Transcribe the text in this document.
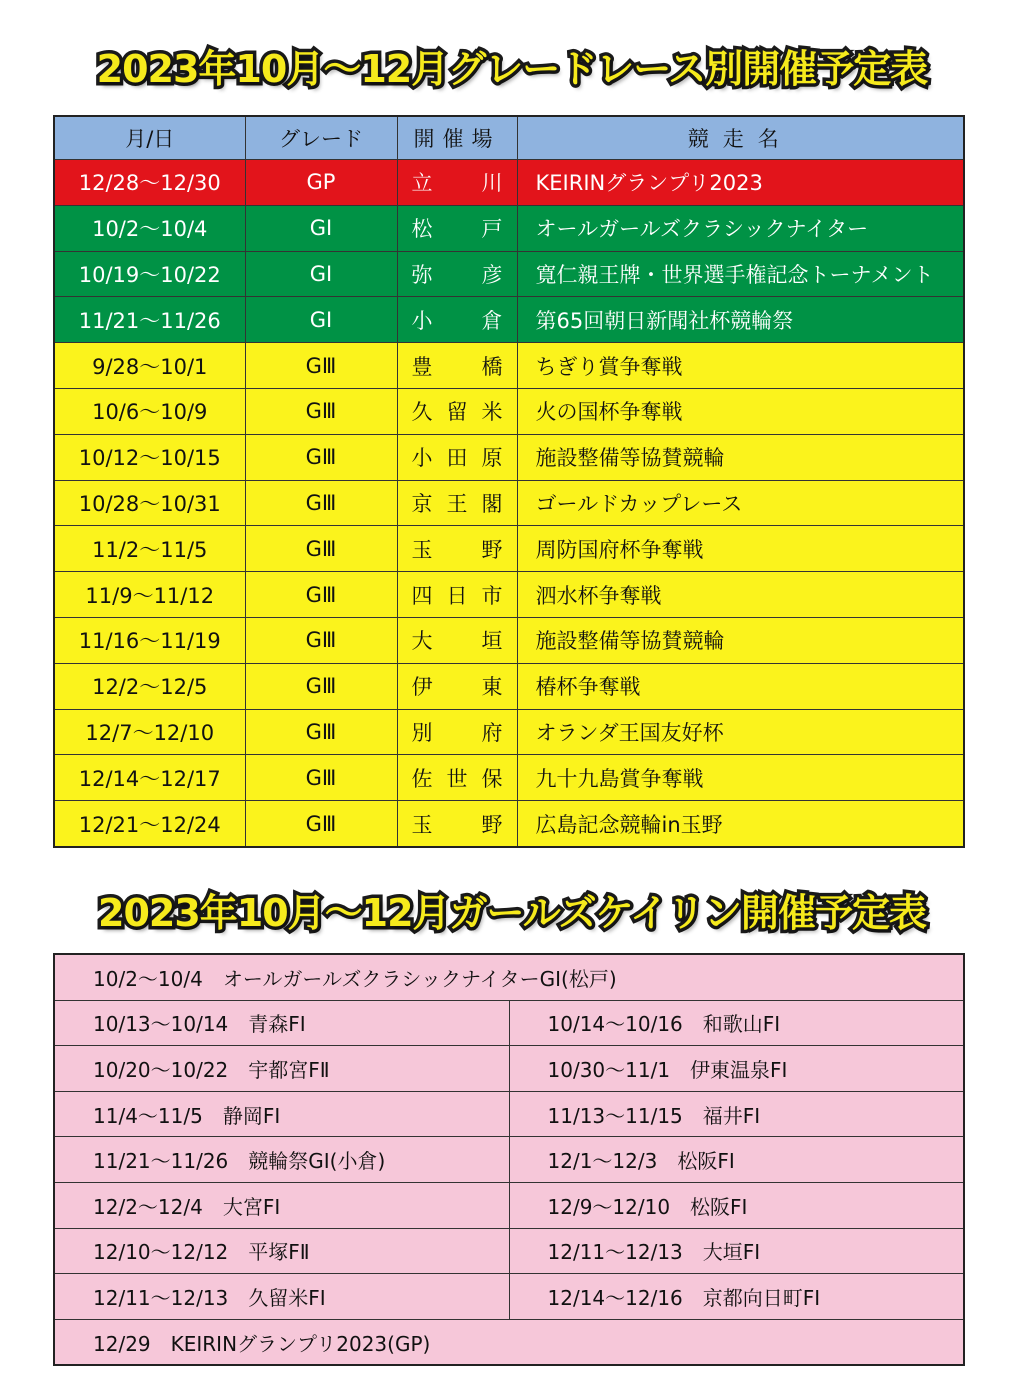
2023年10月～12月グレードレース別開催予定表
月/日	グレード	開催場	競走名
12/28～12/30	GP	立 川	KEIRINグランプリ2023
10/2～10/4	GⅠ	松 戸	オールガールズクラシックナイター
10/19～10/22	GⅠ	弥 彦	寛仁親王牌・世界選手権記念トーナメント
11/21～11/26	GⅠ	小 倉	第65回朝日新聞社杯競輪祭
9/28～10/1	GⅢ	豊 橋	ちぎり賞争奪戦
10/6～10/9	GⅢ	久 留 米	火の国杯争奪戦
10/12～10/15	GⅢ	小 田 原	施設整備等協賛競輪
10/28～10/31	GⅢ	京 王 閣	ゴールドカップレース
11/2～11/5	GⅢ	玉 野	周防国府杯争奪戦
11/9～11/12	GⅢ	四 日 市	泗水杯争奪戦
11/16～11/19	GⅢ	大 垣	施設整備等協賛競輪
12/2～12/5	GⅢ	伊 東	椿杯争奪戦
12/7～12/10	GⅢ	別 府	オランダ王国友好杯
12/14～12/17	GⅢ	佐 世 保	九十九島賞争奪戦
12/21～12/24	GⅢ	玉 野	広島記念競輪in玉野
2023年10月～12月ガールズケイリン開催予定表
10/2～10/4　オールガールズクラシックナイターGⅠ(松戸)	
10/13～10/14　青森FⅠ	10/14～10/16　和歌山FⅠ
10/20～10/22　宇都宮FⅡ	10/30～11/1　伊東温泉FⅠ
11/4～11/5　静岡FⅠ	11/13～11/15　福井FⅠ
11/21～11/26　競輪祭GⅠ(小倉)	12/1～12/3　松阪FⅠ
12/2～12/4　大宮FⅠ	12/9～12/10　松阪FⅠ
12/10～12/12　平塚FⅡ	12/11～12/13　大垣FⅠ
12/11～12/13　久留米FⅠ	12/14～12/16　京都向日町FⅠ
12/29　KEIRINグランプリ2023(GP)	
